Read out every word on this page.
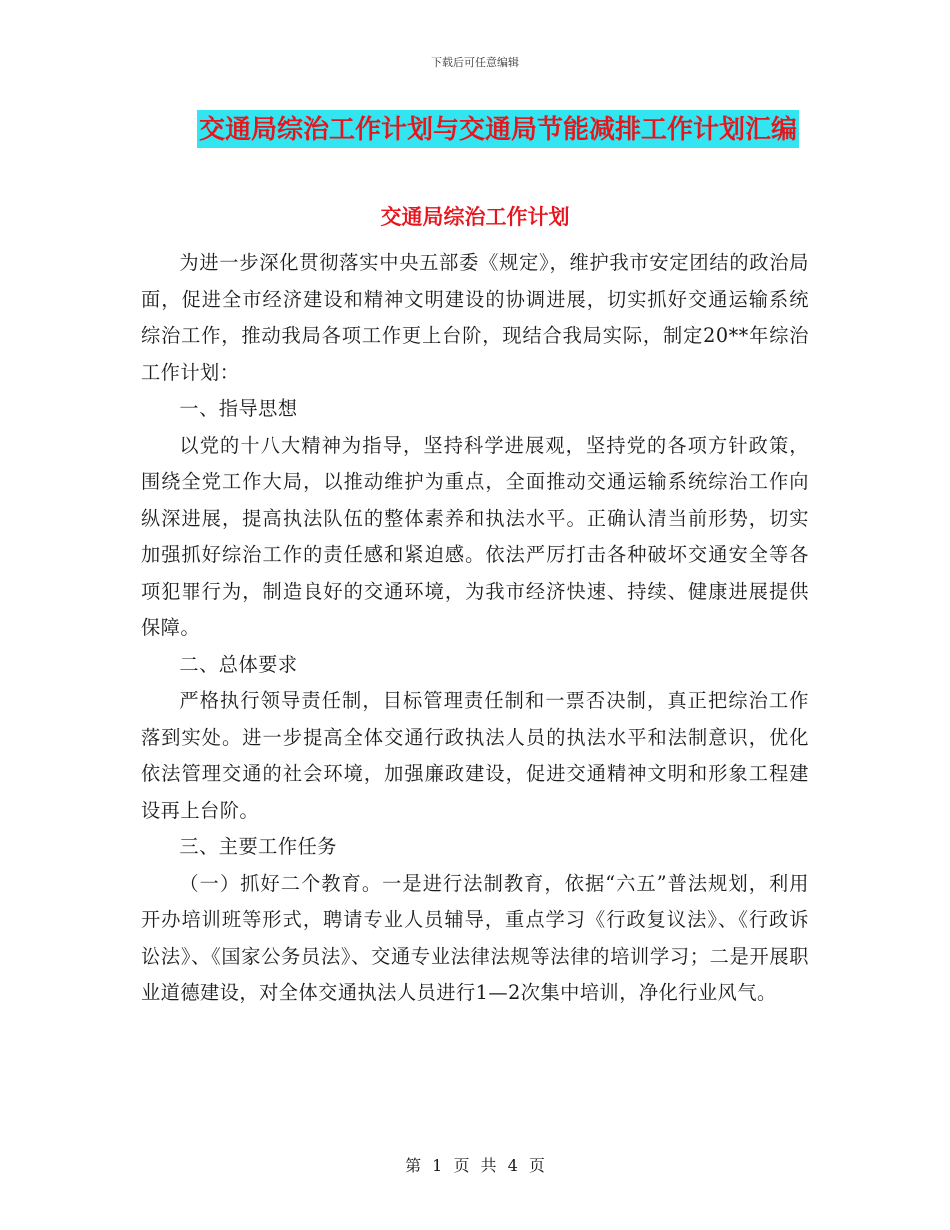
下载后可任意编辑
交通局综治工作计划与交通局节能减排工作计划汇编
交通局综治工作计划

为进一步深化贯彻落实中央五部委《规定》，维护我市安定团结的政治局面，促进全市经济建设和精神文明建设的协调进展，切实抓好交通运输系统综治工作，推动我局各项工作更上台阶，现结合我局实际，制定20**年综治工作计划：

一、指导思想

以党的十八大精神为指导，坚持科学进展观，坚持党的各项方针政策，围绕全党工作大局，以推动维护为重点，全面推动交通运输系统综治工作向纵深进展，提高执法队伍的整体素养和执法水平。正确认清当前形势，切实加强抓好综治工作的责任感和紧迫感。依法严厉打击各种破坏交通安全等各项犯罪行为，制造良好的交通环境，为我市经济快速、持续、健康进展提供保障。

二、总体要求

严格执行领导责任制，目标管理责任制和一票否决制，真正把综治工作落到实处。进一步提高全体交通行政执法人员的执法水平和法制意识，优化依法管理交通的社会环境，加强廉政建设，促进交通精神文明和形象工程建设再上台阶。

三、主要工作任务

（一）抓好二个教育。一是进行法制教育，依据“六五”普法规划，利用开办培训班等形式，聘请专业人员辅导，重点学习《行政复议法》、《行政诉讼法》、《国家公务员法》、交通专业法律法规等法律的培训学习；二是开展职业道德建设，对全体交通执法人员进行1—2次集中培训，净化行业风气。

第 1 页 共 4 页
